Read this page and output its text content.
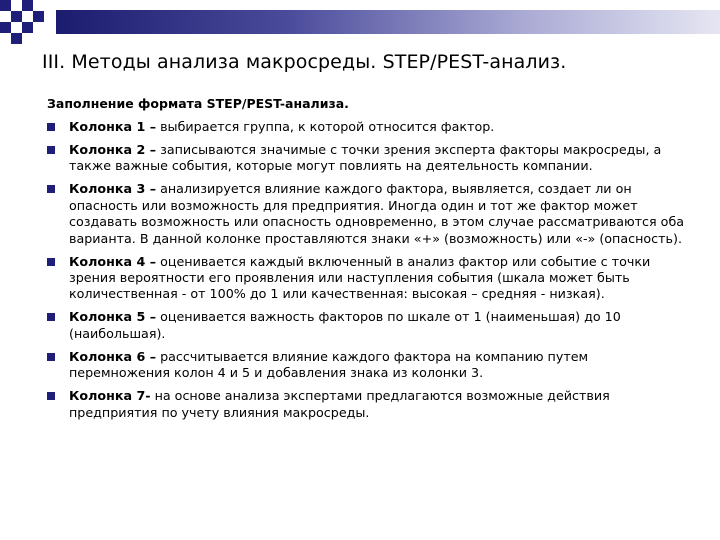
III. Методы анализа макросреды. STEP/PEST-анализ.

Заполнение формата STEP/PEST-анализа.

Колонка 1 – выбирается группа, к которой относится фактор.
Колонка 2 – записываются значимые с точки зрения эксперта факторы макросреды, а также важные события, которые могут повлиять на деятельность компании.
Колонка 3 – анализируется влияние каждого фактора, выявляется, создает ли он опасность или возможность для предприятия. Иногда один и тот же фактор может создавать возможность или опасность одновременно, в этом случае рассматриваются оба варианта. В данной колонке проставляются знаки «+» (возможность) или «-» (опасность).
Колонка 4 – оценивается каждый включенный в анализ фактор или событие с точки зрения вероятности его проявления или наступления события (шкала может быть количественная - от 100% до 1 или качественная: высокая – средняя - низкая).
Колонка 5 – оценивается важность факторов по шкале от 1 (наименьшая) до 10 (наибольшая).
Колонка 6 – рассчитывается влияние каждого фактора на компанию путем перемножения колон 4 и 5 и добавления знака из колонки 3.
Колонка 7- на основе анализа экспертами предлагаются возможные действия предприятия по учету влияния макросреды.
